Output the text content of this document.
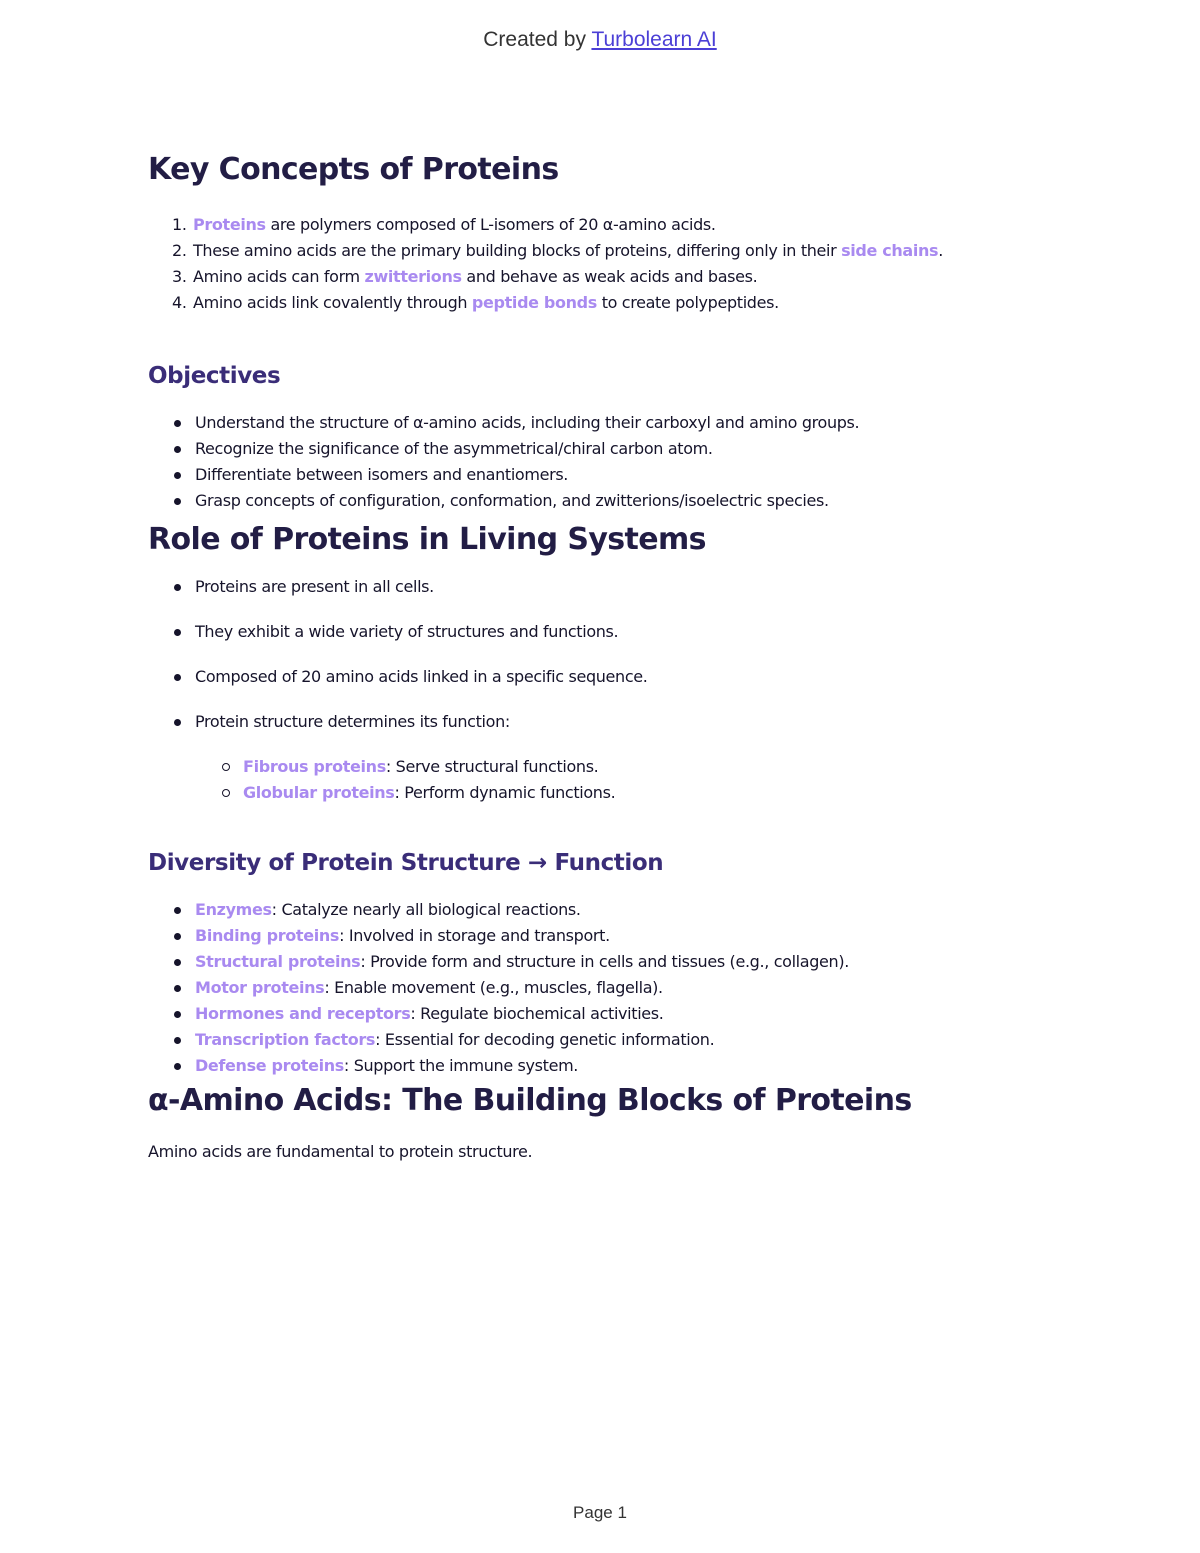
Created by Turbolearn AI
Key Concepts of Proteins
1. Proteins are polymers composed of L-isomers of 20 α-amino acids.
2. These amino acids are the primary building blocks of proteins, differing only in their side chains.
3. Amino acids can form zwitterions and behave as weak acids and bases.
4. Amino acids link covalently through peptide bonds to create polypeptides.
Objectives
Understand the structure of α-amino acids, including their carboxyl and amino groups.
Recognize the significance of the asymmetrical/chiral carbon atom.
Differentiate between isomers and enantiomers.
Grasp concepts of configuration, conformation, and zwitterions/isoelectric species.
Role of Proteins in Living Systems
Proteins are present in all cells.
They exhibit a wide variety of structures and functions.
Composed of 20 amino acids linked in a specific sequence.
Protein structure determines its function:
Fibrous proteins: Serve structural functions.
Globular proteins: Perform dynamic functions.
Diversity of Protein Structure → Function
Enzymes: Catalyze nearly all biological reactions.
Binding proteins: Involved in storage and transport.
Structural proteins: Provide form and structure in cells and tissues (e.g., collagen).
Motor proteins: Enable movement (e.g., muscles, flagella).
Hormones and receptors: Regulate biochemical activities.
Transcription factors: Essential for decoding genetic information.
Defense proteins: Support the immune system.
α-Amino Acids: The Building Blocks of Proteins

Amino acids are fundamental to protein structure.

Page 1
